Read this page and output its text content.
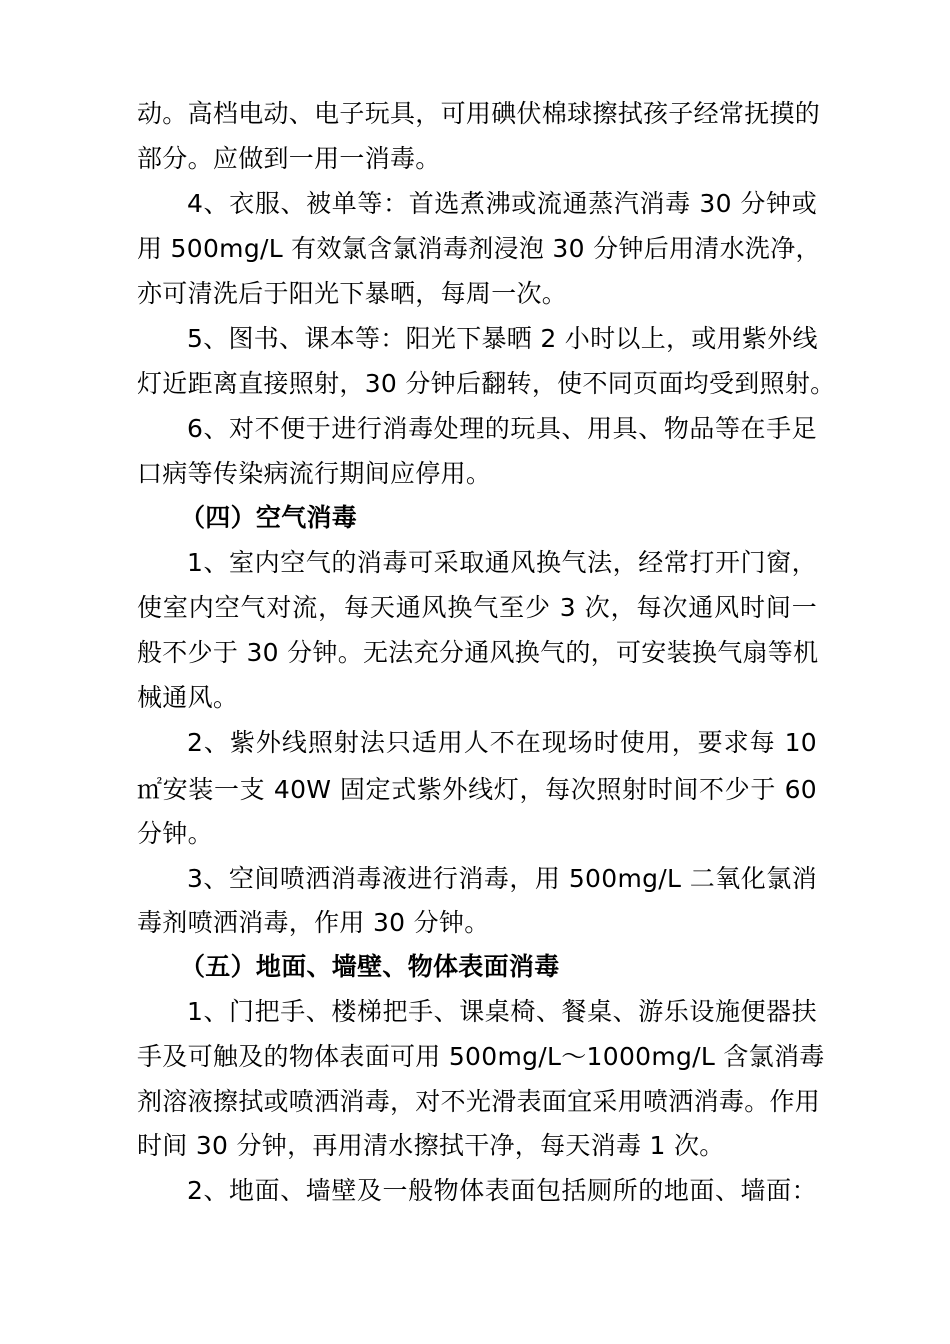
动。高档电动、电子玩具，可用碘伏棉球擦拭孩子经常抚摸的
部分。应做到一用一消毒。
4、衣服、被单等：首选煮沸或流通蒸汽消毒 30 分钟或
用 500mg/L 有效氯含氯消毒剂浸泡 30 分钟后用清水洗净，
亦可清洗后于阳光下暴晒，每周一次。
5、图书、课本等：阳光下暴晒 2 小时以上，或用紫外线
灯近距离直接照射，30 分钟后翻转，使不同页面均受到照射。
6、对不便于进行消毒处理的玩具、用具、物品等在手足
口病等传染病流行期间应停用。
（四）空气消毒
1、室内空气的消毒可采取通风换气法，经常打开门窗，
使室内空气对流，每天通风换气至少 3 次，每次通风时间一
般不少于 30 分钟。无法充分通风换气的，可安装换气扇等机
械通风。
2、紫外线照射法只适用人不在现场时使用，要求每 10
㎡安装一支 40W 固定式紫外线灯，每次照射时间不少于 60
分钟。
3、空间喷洒消毒液进行消毒，用 500mg/L 二氧化氯消
毒剂喷洒消毒，作用 30 分钟。
（五）地面、墙壁、物体表面消毒
1、门把手、楼梯把手、课桌椅、餐桌、游乐设施便器扶
手及可触及的物体表面可用 500mg/L～1000mg/L 含氯消毒
剂溶液擦拭或喷洒消毒，对不光滑表面宜采用喷洒消毒。作用
时间 30 分钟，再用清水擦拭干净，每天消毒 1 次。
2、地面、墙壁及一般物体表面包括厕所的地面、墙面：
